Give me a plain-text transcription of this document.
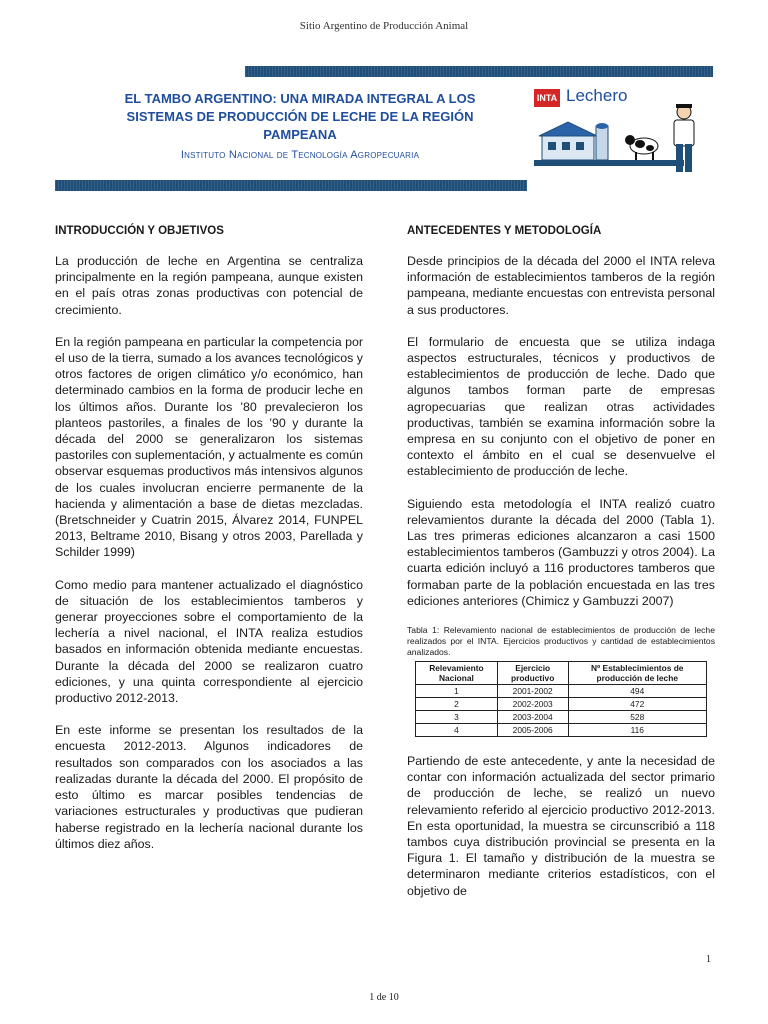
Sitio Argentino de Producción Animal
EL TAMBO ARGENTINO: UNA MIRADA INTEGRAL A LOS SISTEMAS DE PRODUCCIÓN DE LECHE DE LA REGIÓN PAMPEANA
Instituto Nacional de Tecnología Agropecuaria
INTA Lechero
INTRODUCCIÓN Y OBJETIVOS

La producción de leche en Argentina se centraliza principalmente en la región pampeana, aunque existen en el país otras zonas productivas con potencial de crecimiento.

En la región pampeana en particular la competencia por el uso de la tierra, sumado a los avances tecnológicos y otros factores de origen climático y/o económico, han determinado cambios en la forma de producir leche en los últimos años. Durante los ’80 prevalecieron los planteos pastoriles, a finales de los ’90 y durante la década del 2000 se generalizaron los sistemas pastoriles con suplementación, y actualmente es común observar esquemas productivos más intensivos algunos de los cuales involucran encierre permanente de la hacienda y alimentación a base de dietas mezcladas. (Bretschneider y Cuatrin 2015, Álvarez 2014, FUNPEL 2013, Beltrame 2010, Bisang y otros 2003, Parellada y Schilder 1999)

Como medio para mantener actualizado el diagnóstico de situación de los establecimientos tamberos y generar proyecciones sobre el comportamiento de la lechería a nivel nacional, el INTA realiza estudios basados en información obtenida mediante encuestas. Durante la década del 2000 se realizaron cuatro ediciones, y una quinta correspondiente al ejercicio productivo 2012-2013.

En este informe se presentan los resultados de la encuesta 2012-2013. Algunos indicadores de resultados son comparados con los asociados a las realizadas durante la década del 2000. El propósito de esto último es marcar posibles tendencias de variaciones estructurales y productivas que pudieran haberse registrado en la lechería nacional durante los últimos diez años.

ANTECEDENTES Y METODOLOGÍA

Desde principios de la década del 2000 el INTA releva información de establecimientos tamberos de la región pampeana, mediante encuestas con entrevista personal a sus productores.

El formulario de encuesta que se utiliza indaga aspectos estructurales, técnicos y productivos de establecimientos de producción de leche. Dado que algunos tambos forman parte de empresas agropecuarias que realizan otras actividades productivas, también se examina información sobre la empresa en su conjunto con el objetivo de poner en contexto el ámbito en el cual se desenvuelve el establecimiento de producción de leche.

Siguiendo esta metodología el INTA realizó cuatro relevamientos durante la década del 2000 (Tabla 1). Las tres primeras ediciones alcanzaron a casi 1500 establecimientos tamberos (Gambuzzi y otros 2004). La cuarta edición incluyó a 116 productores tamberos que formaban parte de la población encuestada en las tres ediciones anteriores (Chimicz y Gambuzzi 2007)

Tabla 1: Relevamiento nacional de establecimientos de producción de leche realizados por el INTA. Ejercicios productivos y cantidad de establecimientos analizados.
Relevamiento Nacional	Ejercicio productivo	Nº Establecimientos de producción de leche
1	2001-2002	494
2	2002-2003	472
3	2003-2004	528
4	2005-2006	116

Partiendo de este antecedente, y ante la necesidad de contar con información actualizada del sector primario de producción de leche, se realizó un nuevo relevamiento referido al ejercicio productivo 2012-2013. En esta oportunidad, la muestra se circunscribió a 118 tambos cuya distribución provincial se presenta en la Figura 1. El tamaño y distribución de la muestra se determinaron mediante criterios estadísticos, con el objetivo de

1
1 de 10
